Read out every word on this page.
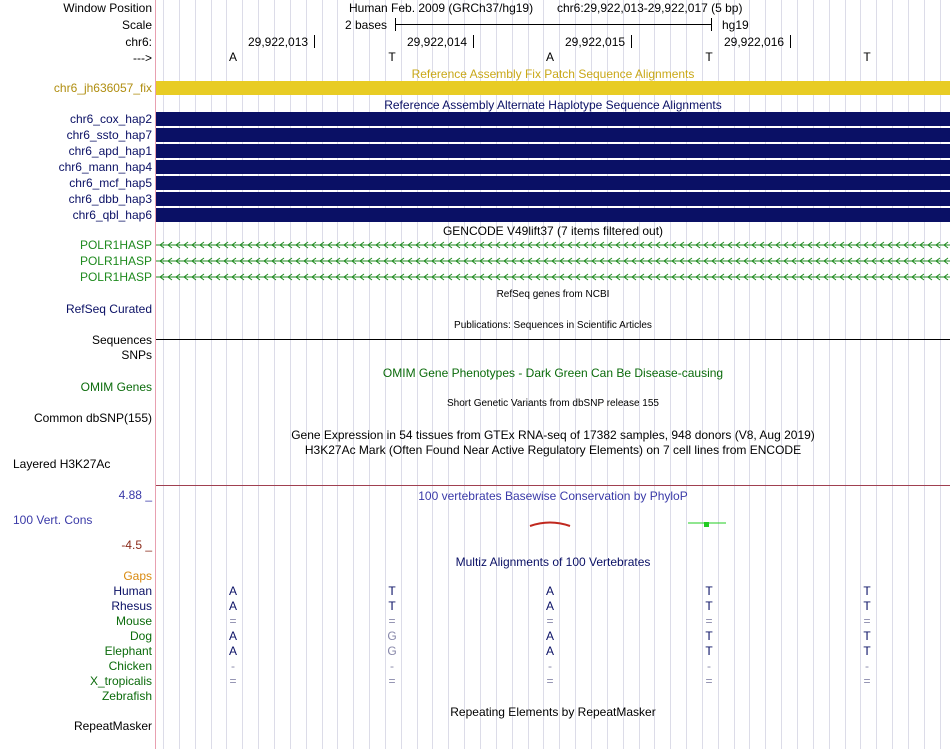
Window Position	Human Feb. 2009 (GRCh37/hg19) chr6:29,922,013-29,922,017 (5 bp)
Scale	2 bases	hg19
chr6:	29,922,013	29,922,014	29,922,015	29,922,016
--->	A	T	A	T	T
Reference Assembly Fix Patch Sequence Alignments
chr6_jh636057_fix
Reference Assembly Alternate Haplotype Sequence Alignments
chr6_cox_hap2
chr6_ssto_hap7
chr6_apd_hap1
chr6_mann_hap4
chr6_mcf_hap5
chr6_dbb_hap3
chr6_qbl_hap6
GENCODE V49lift37 (7 items filtered out)
POLR1HASP
POLR1HASP
POLR1HASP
RefSeq genes from NCBI
RefSeq Curated
Publications: Sequences in Scientific Articles
Sequences
SNPs
OMIM Gene Phenotypes - Dark Green Can Be Disease-causing
OMIM Genes
Short Genetic Variants from dbSNP release 155
Common dbSNP(155)
Gene Expression in 54 tissues from GTEx RNA-seq of 17382 samples, 948 donors (V8, Aug 2019)
H3K27Ac Mark (Often Found Near Active Regulatory Elements) on 7 cell lines from ENCODE
Layered H3K27Ac
4.88 _	100 vertebrates Basewise Conservation by PhyloP
100 Vert. Cons
-4.5 _
Multiz Alignments of 100 Vertebrates
Gaps
Human	A	T	A	T	T
Rhesus	A	T	A	T	T
Mouse	=	=	=	=	=
Dog	A	G	A	T	T
Elephant	A	G	A	T	T
Chicken	-	-	-	-	-
X_tropicalis	=	=	=	=	=
Zebrafish
Repeating Elements by RepeatMasker
RepeatMasker
